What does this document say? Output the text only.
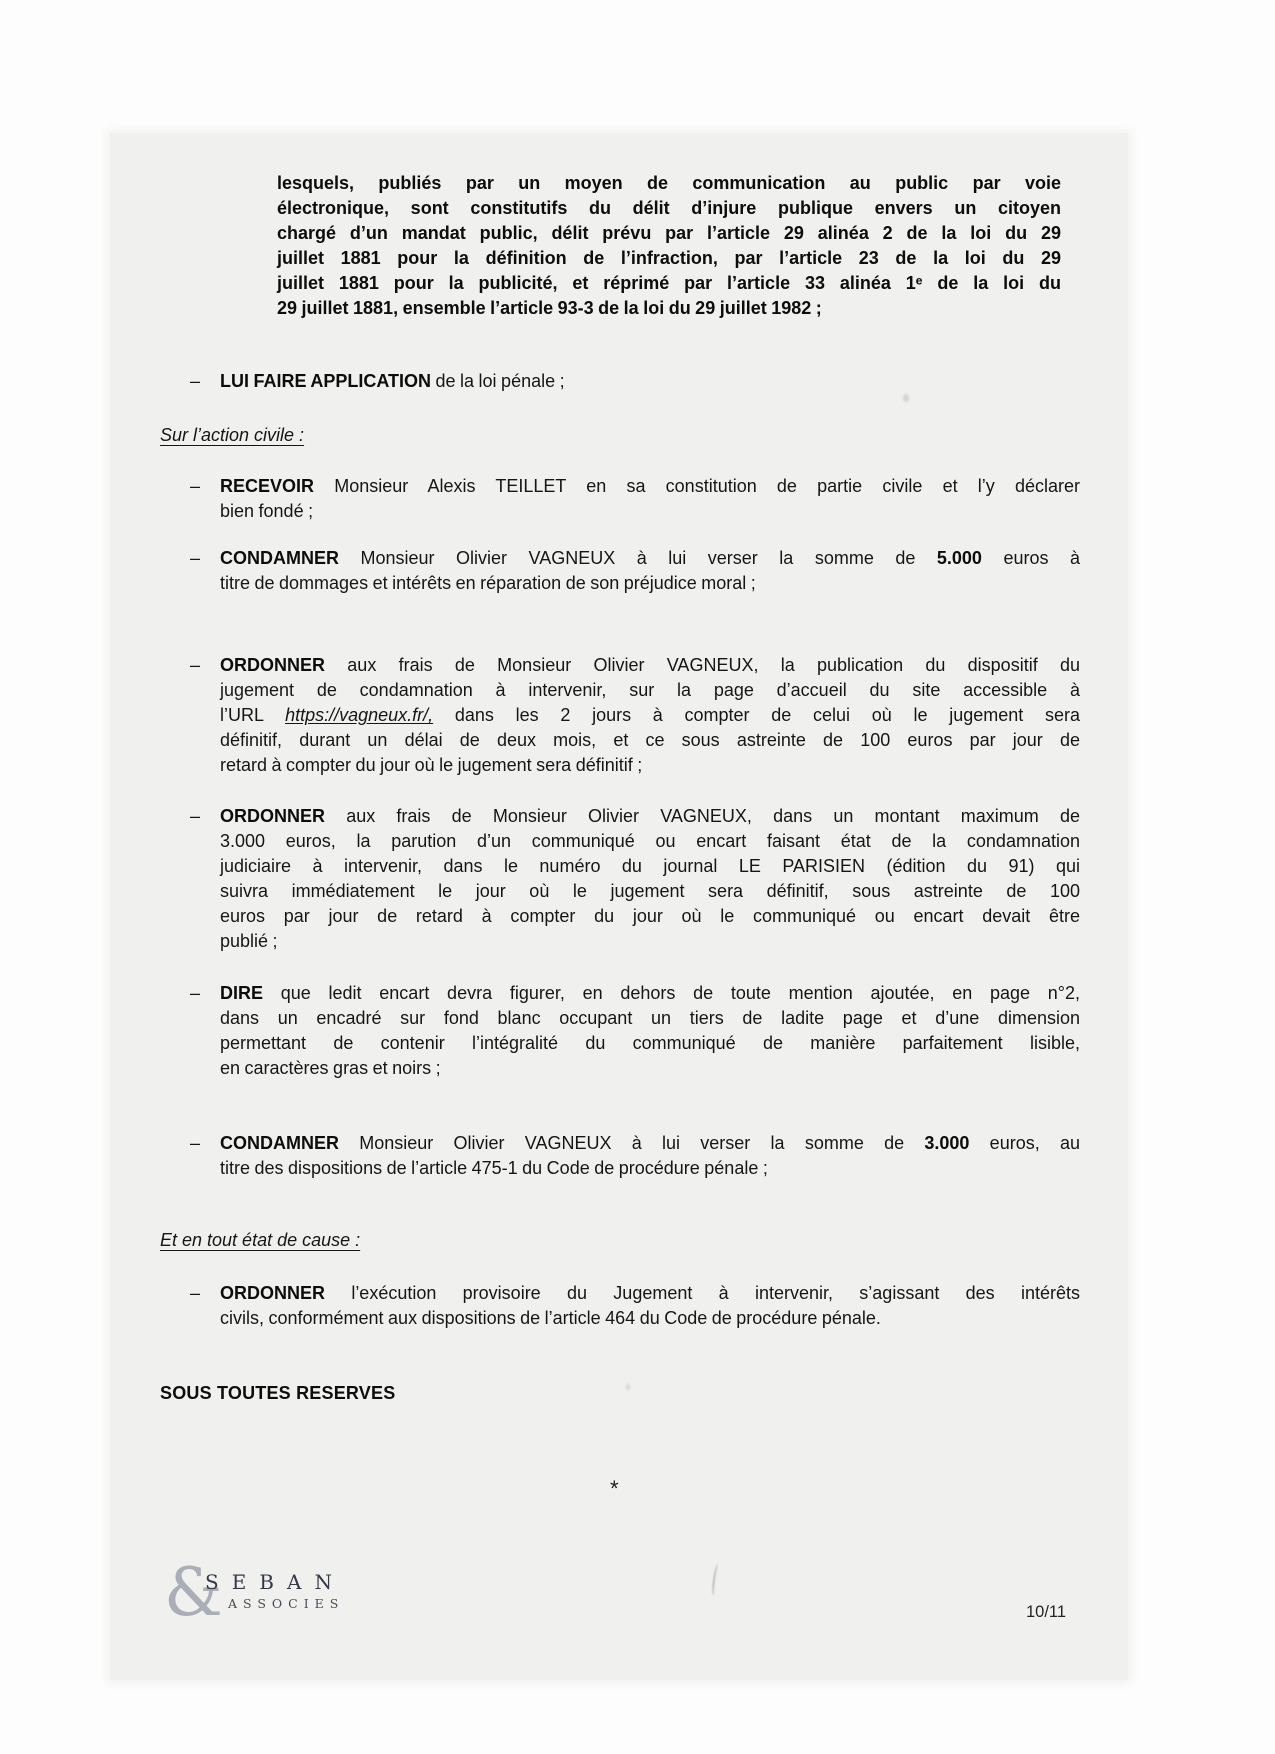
lesquels, publiés par un moyen de communication au public par voie
électronique, sont constitutifs du délit d’injure publique envers un citoyen
chargé d’un mandat public, délit prévu par l’article 29 alinéa 2 de la loi du 29
juillet 1881 pour la définition de l’infraction, par l’article 23 de la loi du 29
juillet 1881 pour la publicité, et réprimé par l’article 33 alinéa 1ᵉ de la loi du
29 juillet 1881, ensemble l’article 93-3 de la loi du 29 juillet 1982 ;
–	LUI FAIRE APPLICATION de la loi pénale ;
Sur l’action civile :
–	RECEVOIR Monsieur Alexis TEILLET en sa constitution de partie civile et l’y déclarer
bien fondé ;
–	CONDAMNER Monsieur Olivier VAGNEUX à lui verser la somme de 5.000 euros à
titre de dommages et intérêts en réparation de son préjudice moral ;
–	ORDONNER aux frais de Monsieur Olivier VAGNEUX, la publication du dispositif du
jugement de condamnation à intervenir, sur la page d’accueil du site accessible à
l’URL https://vagneux.fr/, dans les 2 jours à compter de celui où le jugement sera
définitif, durant un délai de deux mois, et ce sous astreinte de 100 euros par jour de
retard à compter du jour où le jugement sera définitif ;
–	ORDONNER aux frais de Monsieur Olivier VAGNEUX, dans un montant maximum de
3.000 euros, la parution d’un communiqué ou encart faisant état de la condamnation
judiciaire à intervenir, dans le numéro du journal LE PARISIEN (édition du 91) qui
suivra immédiatement le jour où le jugement sera définitif, sous astreinte de 100
euros par jour de retard à compter du jour où le communiqué ou encart devait être
publié ;
–	DIRE que ledit encart devra figurer, en dehors de toute mention ajoutée, en page n°2,
dans un encadré sur fond blanc occupant un tiers de ladite page et d’une dimension
permettant de contenir l’intégralité du communiqué de manière parfaitement lisible,
en caractères gras et noirs ;
–	CONDAMNER Monsieur Olivier VAGNEUX à lui verser la somme de 3.000 euros, au
titre des dispositions de l’article 475-1 du Code de procédure pénale ;
Et en tout état de cause :
–	ORDONNER l’exécution provisoire du Jugement à intervenir, s’agissant des intérêts
civils, conformément aux dispositions de l’article 464 du Code de procédure pénale.
SOUS TOUTES RESERVES
*
&
SEBAN
ASSOCIES	10/11
